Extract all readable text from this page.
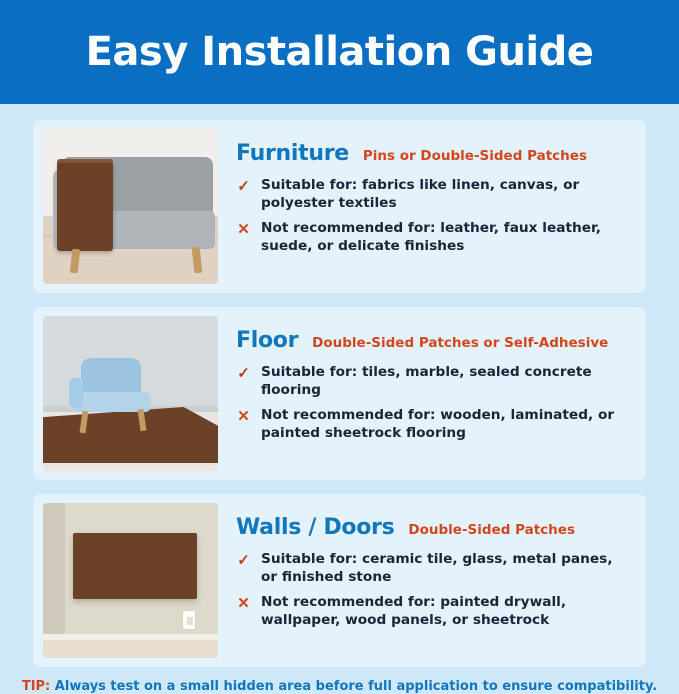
Easy Installation Guide
Furniture Pins or Double-Sided Patches
✓ Suitable for: fabrics like linen, canvas, or polyester textiles
✕ Not recommended for: leather, faux leather, suede, or delicate finishes
Floor Double-Sided Patches or Self-Adhesive
✓ Suitable for: tiles, marble, sealed concrete flooring
✕ Not recommended for: wooden, laminated, or painted sheetrock flooring
Walls / Doors Double-Sided Patches
✓ Suitable for: ceramic tile, glass, metal panes, or finished stone
✕ Not recommended for: painted drywall, wallpaper, wood panels, or sheetrock
TIP: Always test on a small hidden area before full application to ensure compatibility.
